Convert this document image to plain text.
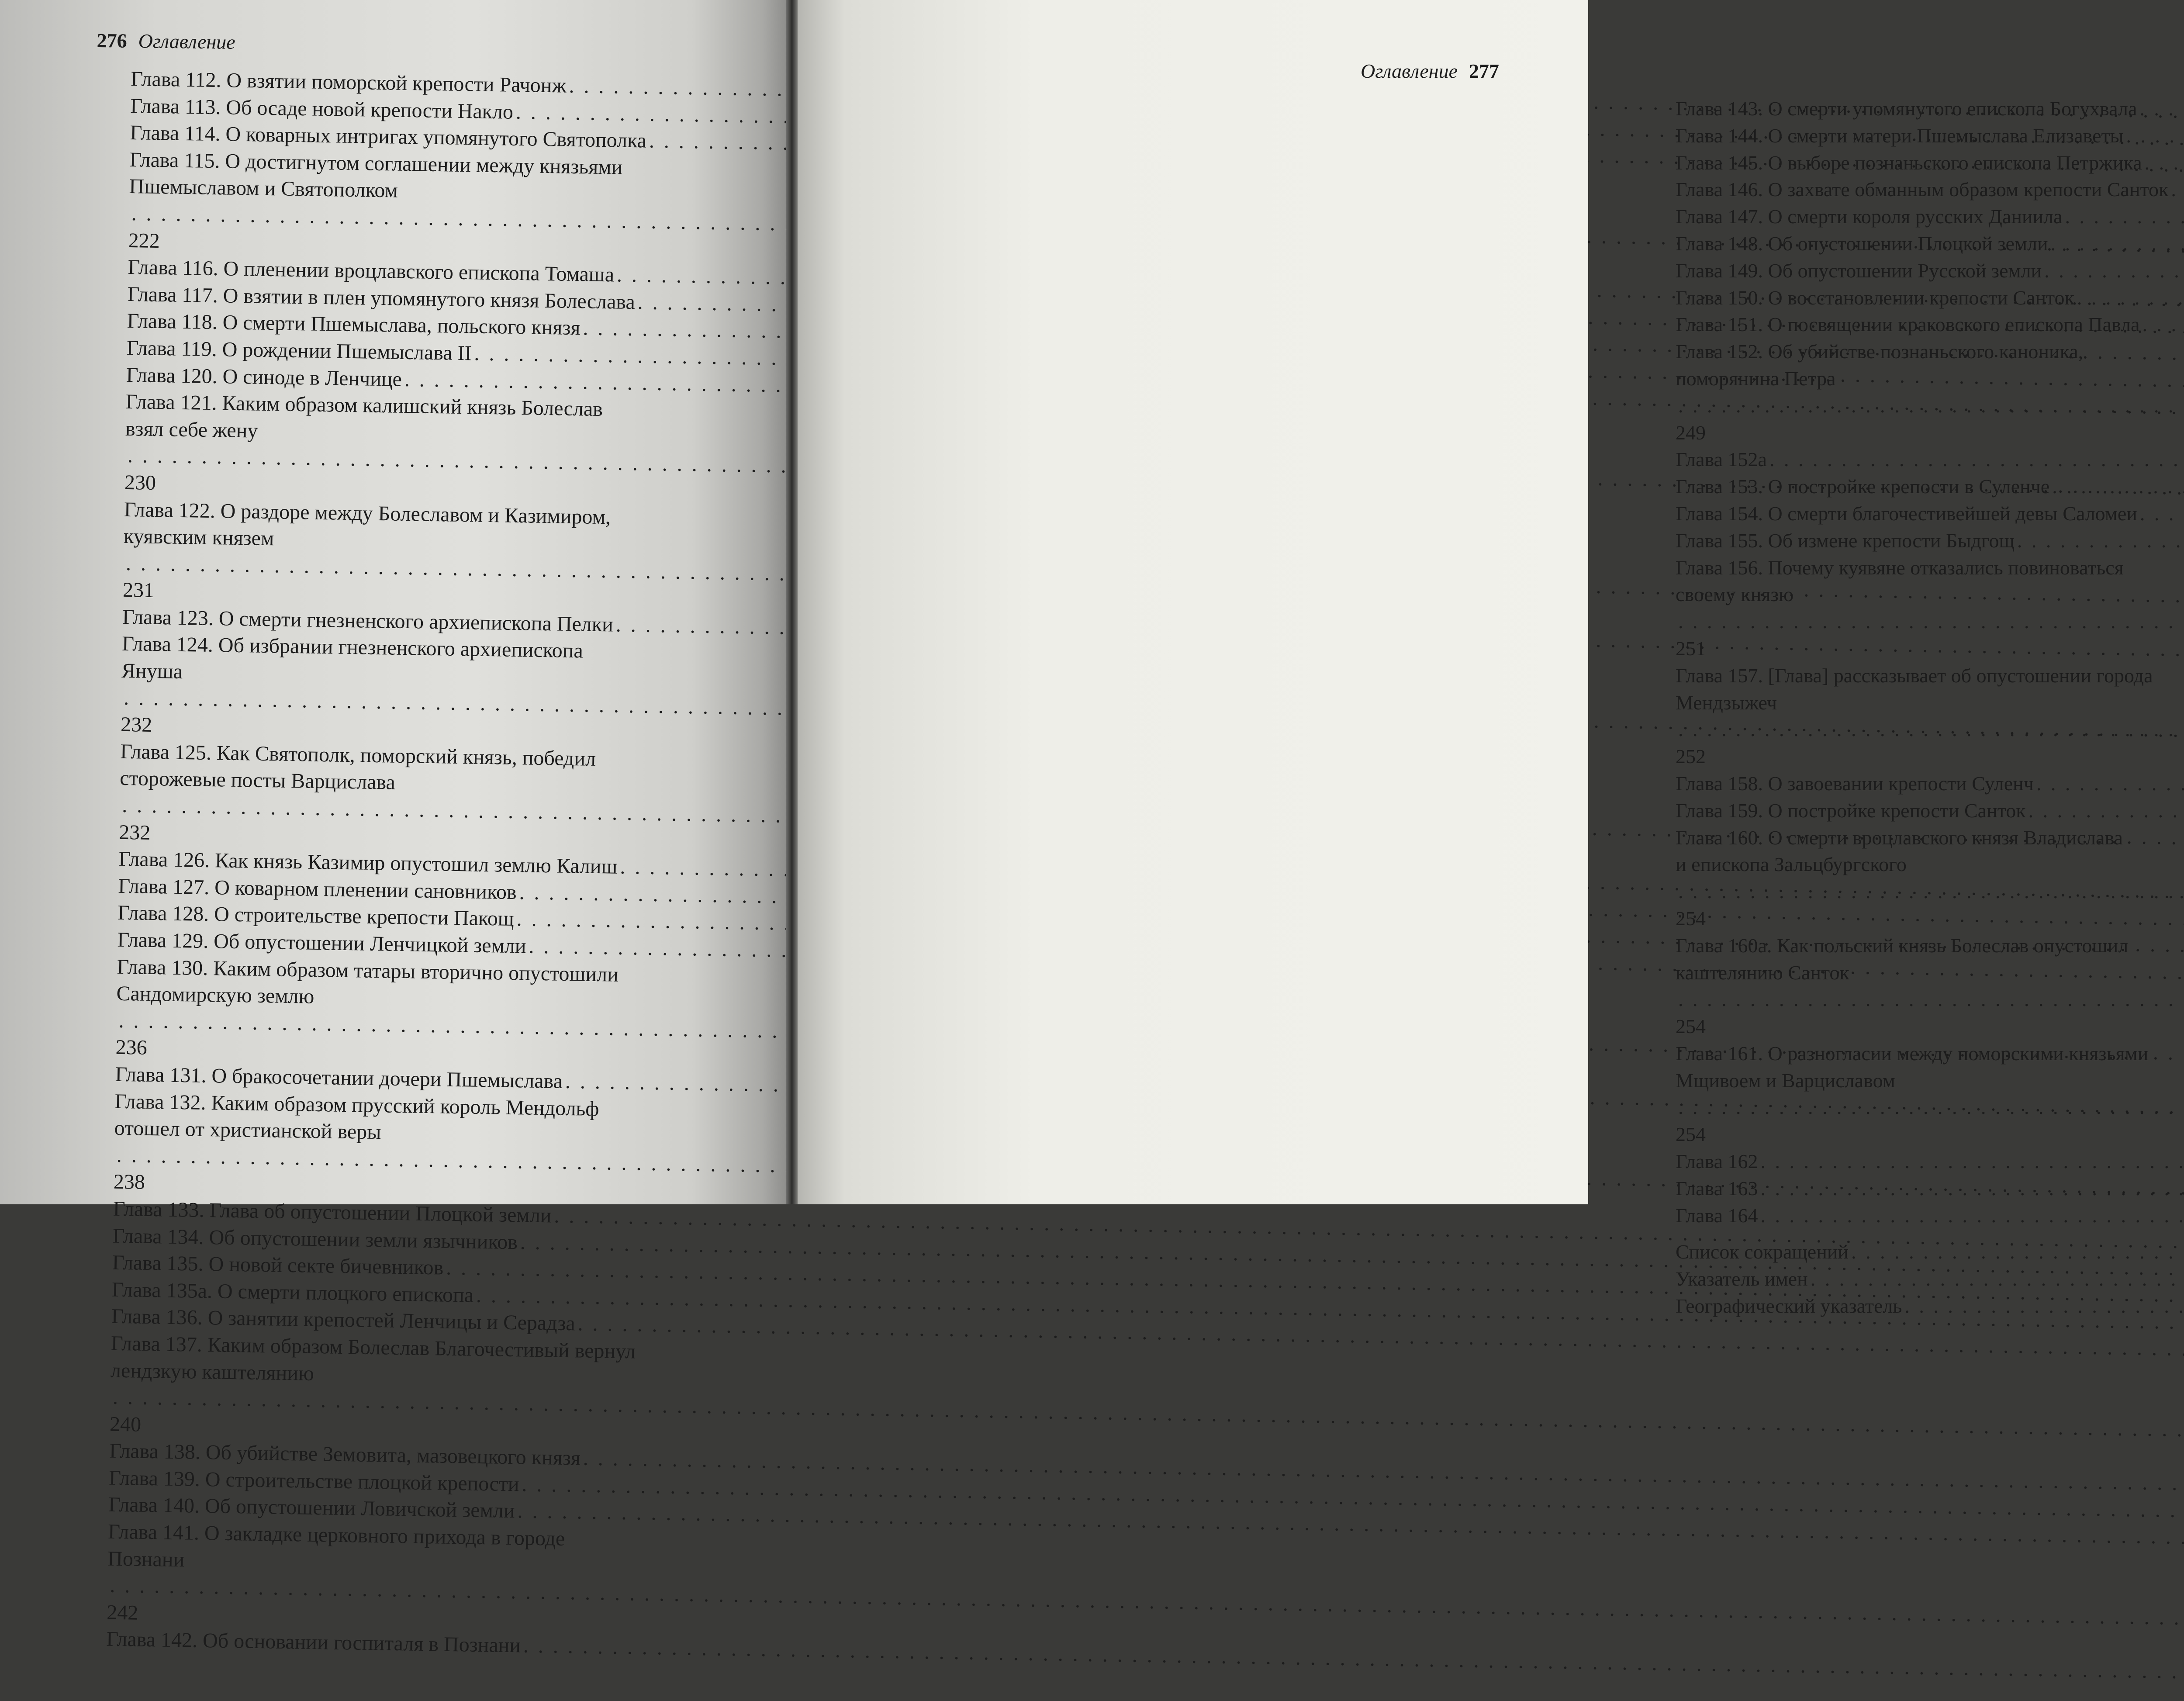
276 Оглавление
Глава 112. О взятии поморской крепости Рачонж
. . .
Глава 113. Об осаде новой крепости Накло
. . .
Глава 114. О коварных интригах упомянутого Святополка
. . .
Глава 115. О достигнутом соглашении между князьями
Пшемыславом и Святополком
. . .
222
Глава 116. О пленении вроцлавского епископа Томаша
. . .
Глава 117. О взятии в плен упомянутого князя Болеслава
. . .
Глава 118. О смерти Пшемыслава, польского князя
. . .
Глава 119. О рождении Пшемыслава II
. . .
Глава 120. О синоде в Ленчице
. . .
Глава 121. Каким образом калишский князь Болеслав
взял себе жену
. . .
230
Глава 122. О раздоре между Болеславом и Казимиром,
куявским князем
. . .
231
Глава 123. О смерти гнезненского архиепископа Пелки
. . .
Глава 124. Об избрании гнезненского архиепископа
Януша
. . .
232
Глава 125. Как Святополк, поморский князь, победил
сторожевые посты Варцислава
. . .
232
Глава 126. Как князь Казимир опустошил землю Калиш
. . .
Глава 127. О коварном пленении сановников
. . .
Глава 128. О строительстве крепости Пакощ
. . .
Глава 129. Об опустошении Ленчицкой земли
. . .
Глава 130. Каким образом татары вторично опустошили
Сандомирскую землю
. . .
236
Глава 131. О бракосочетании дочери Пшемыслава
. . .
Глава 132. Каким образом прусский король Мендольф
отошел от христианской веры
. . .
238
Глава 133. Глава об опустошении Плоцкой земли
. . .
Глава 134. Об опустошении земли язычников
. . .
Глава 135. О новой секте бичевников
. . .
Глава 135а. О смерти плоцкого епископа
. . .
Глава 136. О занятии крепостей Ленчицы и Серадза
. . .
Глава 137. Каким образом Болеслав Благочестивый вернул
лендзкую каштелянию
. . .
240
Глава 138. Об убийстве Земовита, мазовецкого князя
. . .
Глава 139. О строительстве плоцкой крепости
. . .
Глава 140. Об опустошении Ловичской земли
. . .
Глава 141. О закладке церковного прихода в городе
Познани
. . .
242
Глава 142. Об основании госпиталя в Познани
. . .
Оглавление 277
Глава 143. О смерти упомянутого епископа Богухвала
. . .
Глава 144. О смерти матери Пшемыслава Елизаветы
. . .
Глава 145. О выборе познаньского епископа Петржика
. . .
Глава 146. О захвате обманным образом крепости Санток
. . .
Глава 147. О смерти короля русских Даниила
. . .
Глава 148. Об опустошении Плоцкой земли
. . .
Глава 149. Об опустошении Русской земли
. . .
Глава 150. О восстановлении крепости Санток
. . .
Глава 151. О посвящении краковского епископа Павла
. . .
Глава 152. Об убийстве познаньского каноника,
поморянина Петра
. . .
249
Глава 152а
. . .
Глава 153. О постройке крепости в Суленче
. . .
Глава 154. О смерти благочестивейшей девы Саломеи
. . .
Глава 155. Об измене крепости Быдгощ
. . .
Глава 156. Почему куявяне отказались повиноваться
своему князю
. . .
251
Глава 157. [Глава] рассказывает об опустошении города
Мендзыжеч
. . .
252
Глава 158. О завоевании крепости Суленч
. . .
Глава 159. О постройке крепости Санток
. . .
Глава 160. О смерти вроцлавского князя Владислава
и епископа Зальцбургского
. . .
254
Глава 160а. Как польский князь Болеслав опустошил
каштелянию Санток
. . .
254
Глава 161. О разногласии между поморскими князьями
Мщивоем и Варциславом
. . .
254
Глава 162
. . .
Глава 163
. . .
Глава 164
. . .
Список сокращений
. . .
Указатель имен
. . .
Географический указатель
. . .
